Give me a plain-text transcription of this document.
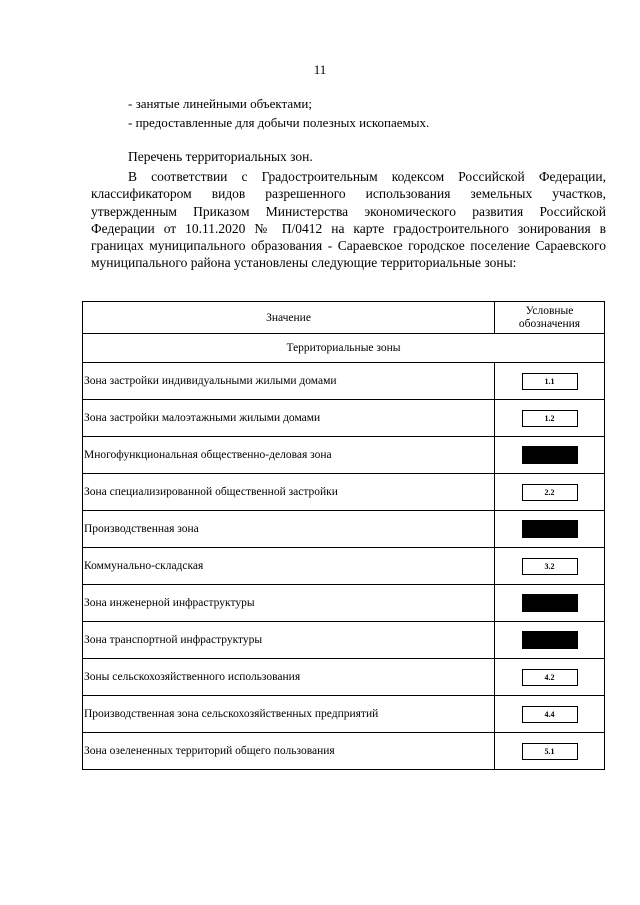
11
- занятые линейными объектами;
- предоставленные для добычи полезных ископаемых.
Перечень территориальных зон.
В соответствии с Градостроительным кодексом Российской Федерации, классификатором видов разрешенного использования земельных участков, утвержденным Приказом Министерства экономического развития Российской Федерации от 10.11.2020 № П/0412 на карте градостроительного зонирования в границах муниципального образования - Сараевское городское поселение Сараевского муниципального района установлены следующие территориальные зоны:
Значение	Условные обозначения
Территориальные зоны	
Зона застройки индивидуальными жилыми домами	1.1
Зона застройки малоэтажными жилыми домами	1.2
Многофункциональная общественно-деловая зона	
Зона специализированной общественной застройки	2.2
Производственная зона	
Коммунально-складская	3.2
Зона инженерной инфраструктуры	
Зона транспортной инфраструктуры	
Зоны сельскохозяйственного использования	4.2
Производственная зона сельскохозяйственных предприятий	4.4
Зона озелененных территорий общего пользования	5.1
